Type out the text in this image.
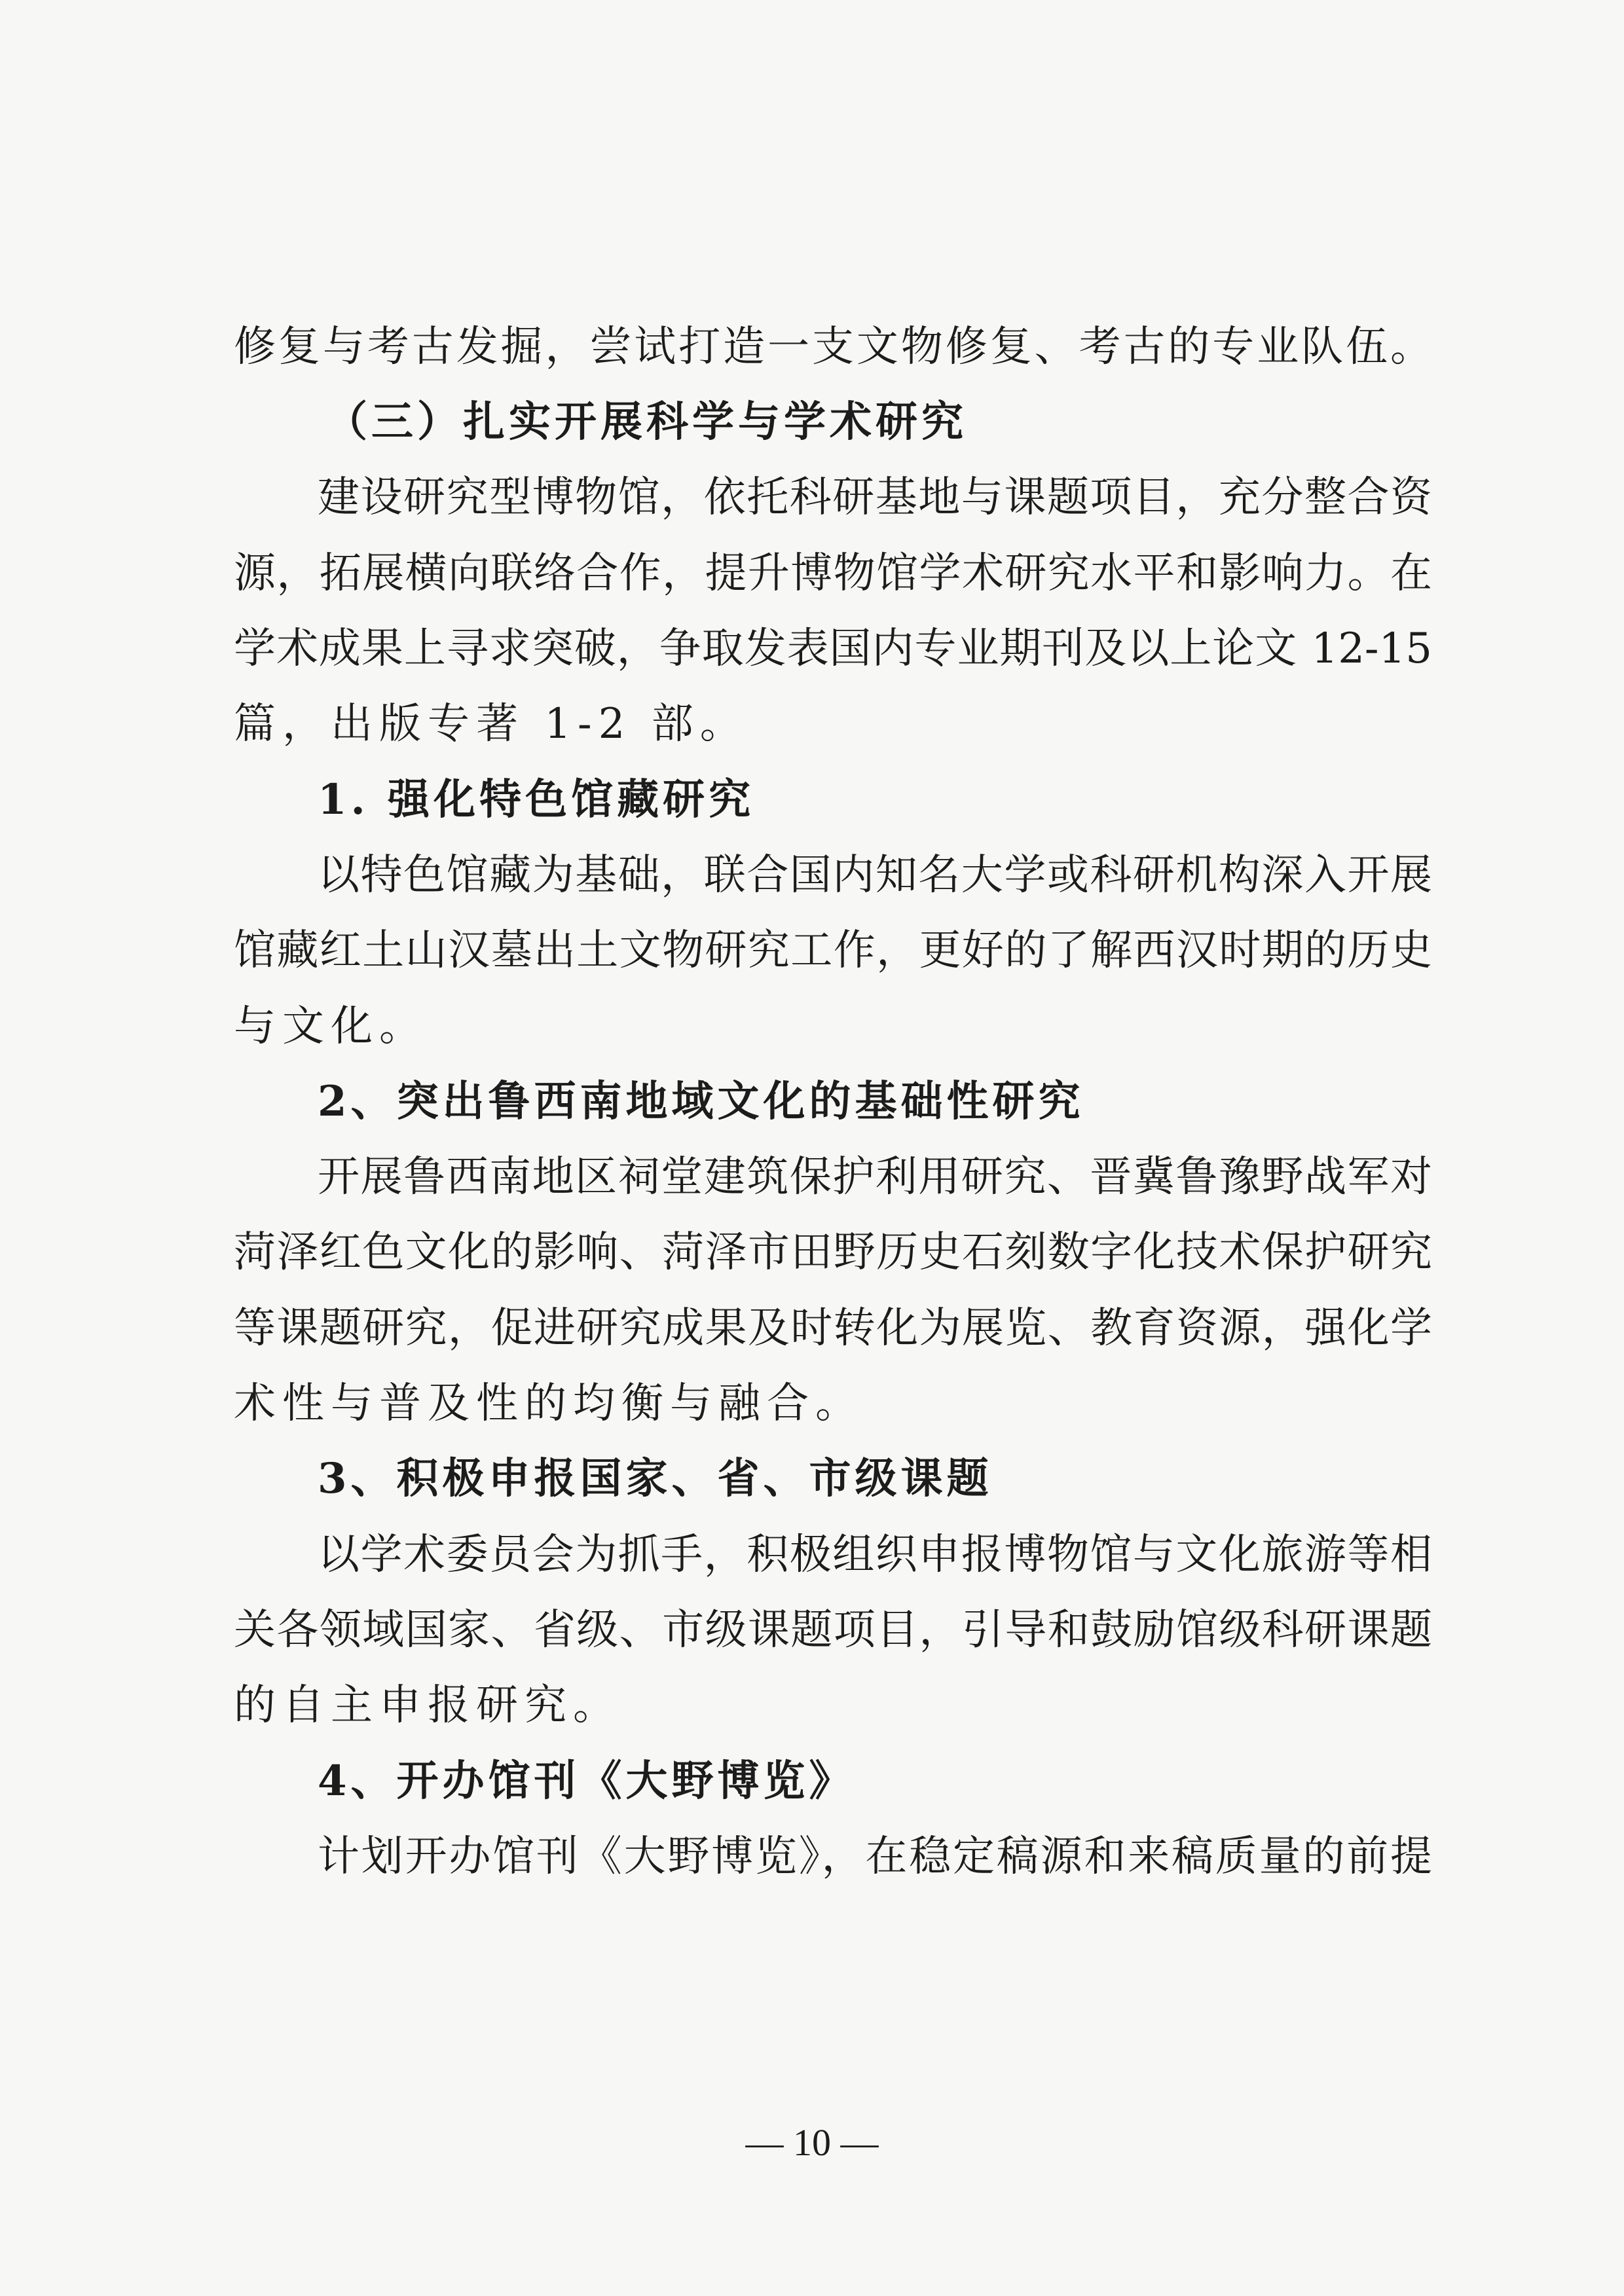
修复与考古发掘，尝试打造一支文物修复、考古的专业队伍。
（三）扎实开展科学与学术研究
建设研究型博物馆，依托科研基地与课题项目，充分整合资
源，拓展横向联络合作，提升博物馆学术研究水平和影响力。在
学术成果上寻求突破，争取发表国内专业期刊及以上论文 12-15
篇，出版专著 1-2 部。
1. 强化特色馆藏研究
以特色馆藏为基础，联合国内知名大学或科研机构深入开展
馆藏红土山汉墓出土文物研究工作，更好的了解西汉时期的历史
与文化。
2、突出鲁西南地域文化的基础性研究
开展鲁西南地区祠堂建筑保护利用研究、晋冀鲁豫野战军对
菏泽红色文化的影响、菏泽市田野历史石刻数字化技术保护研究
等课题研究，促进研究成果及时转化为展览、教育资源，强化学
术性与普及性的均衡与融合。
3、积极申报国家、省、市级课题
以学术委员会为抓手，积极组织申报博物馆与文化旅游等相
关各领域国家、省级、市级课题项目，引导和鼓励馆级科研课题
的自主申报研究。
4、开办馆刊《大野博览》
计划开办馆刊《大野博览》，在稳定稿源和来稿质量的前提
— 10 —
